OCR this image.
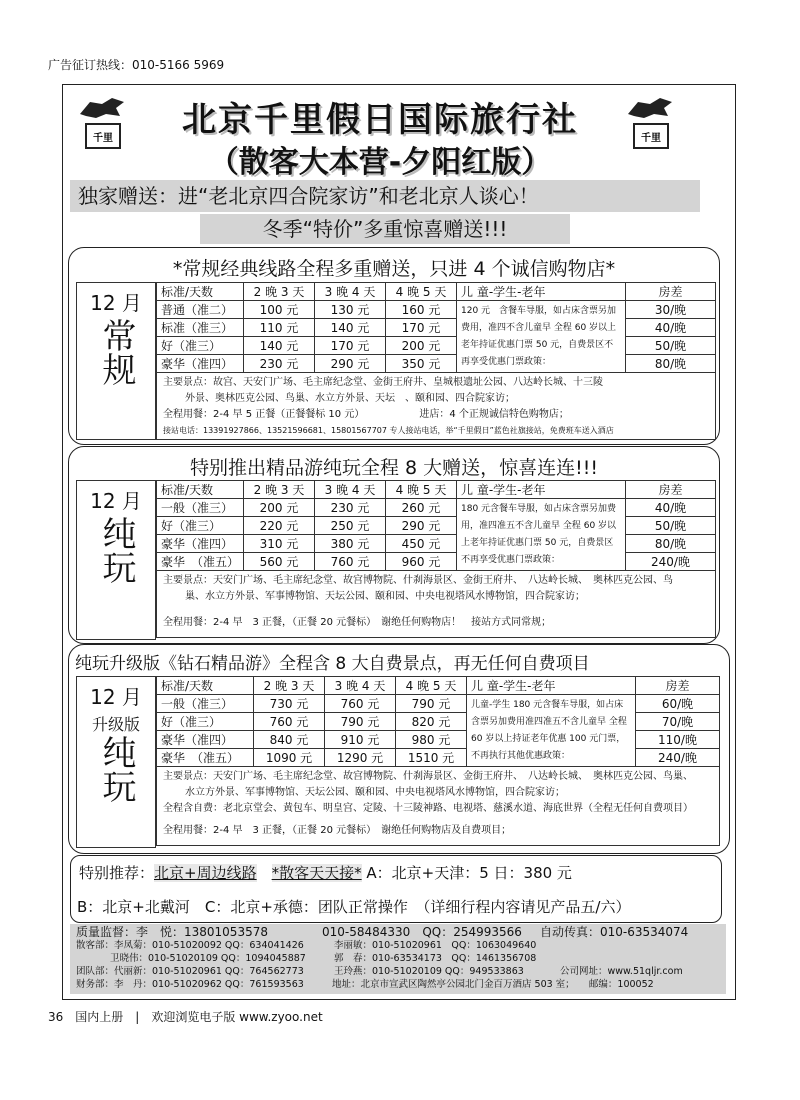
广告征订热线：010-5166 5969
千里	千里
北京千里假日国际旅行社
（散客大本营-夕阳红版）
独家赠送：进“老北京四合院家访”和老北京人谈心！
冬季“特价”多重惊喜赠送!!!
*常规经典线路全程多重赠送，只进 4 个诚信购物店*
12 月
常规
标准/天数	2 晚 3 天	3 晚 4 天	4 晚 5 天	儿 童-学生-老年	房差
普通（准二）	100 元	130 元	160 元	120 元　含餐车导服，如占床含票另加费用，准四不含儿童早 全程 60 岁以上老年持证优惠门票 50 元，自费景区不再享受优惠门票政策：	30/晚
标准（准三）	110 元	140 元	170 元		40/晚
好（准三）	140 元	170 元	200 元		50/晚
豪华（准四）	230 元	290 元	350 元		80/晚
主要景点：故宫、天安门广场、毛主席纪念堂、金街王府井、皇城根遗址公园、八达岭长城、十三陵
外景、奥林匹克公园、鸟巢、水立方外景、天坛　、颐和园、四合院家访；
全程用餐：2-4 早 5 正餐（正餐餐标 10 元）　　　　　　	进店：4 个正规诚信特色购物店；
接站电话：13391927866、13521596681、15801567707 专人接站电话，举“千里假日”蓝色社旗接站，免费班车送入酒店
特别推出精品游纯玩全程 8 大赠送，惊喜连连!!!
12 月
纯玩
标准/天数	2 晚 3 天	3 晚 4 天	4 晚 5 天	儿 童-学生-老年	房差
一般（准三）	200 元	230 元	260 元	180 元含餐车导服，如占床含票另加费用，准四准五不含儿童早 全程 60 岁以上老年持证优惠门票 50 元，自费景区不再享受优惠门票政策：	40/晚
好（准三）	220 元	250 元	290 元		50/晚
豪华（准四）	310 元	380 元	450 元		80/晚
豪华　（准五）	560 元	760 元	960 元		240/晚
主要景点：天安门广场、毛主席纪念堂、故宫博物院、什刹海景区、金街王府井、　八达岭长城、　奥林匹克公园、鸟
巢、水立方外景、军事博物馆、天坛公园、颐和园、中央电视塔风水博物馆，四合院家访；
全程用餐：2-4 早　3 正餐，（正餐 20 元餐标）　谢绝任何购物店！　接站方式同常规；
纯玩升级版《钻石精品游》全程含 8 大自费景点，再无任何自费项目
12 月
升级版
纯玩
标准/天数	2 晚 3 天	3 晚 4 天	4 晚 5 天	儿 童-学生-老年	房差
一般（准三）	730 元	760 元	790 元	儿童-学生 180 元含餐车导服，如占床含票另加费用准四准五不含儿童早 全程 60 岁以上持证老年优惠 100 元门票，不再执行其他优惠政策：	60/晚
好（准三）	760 元	790 元	820 元		70/晚
豪华（准四）	840 元	910 元	980 元		110/晚
豪华　（准五）	1090 元	1290 元	1510 元		240/晚
主要景点：天安门广场、毛主席纪念堂、故宫博物院、什刹海景区、金街王府井、　八达岭长城、　奥林匹克公园、鸟巢、
水立方外景、军事博物馆、天坛公园、颐和园、中央电视塔风水博物馆，四合院家访；
全程含自费：老北京堂会、黄包车、明皇宫、定陵、十三陵神路、电视塔、慈溪水道、海底世界（全程无任何自费项目）
全程用餐：2-4 早　3 正餐，（正餐 20 元餐标）　谢绝任何购物店及自费项目；
特别推荐：北京+周边线路　 *散客天天接* A：北京+天津：5 日：380 元
B：北京+北戴河　C：北京+承德：团队正常操作　（详细行程内容请见产品五/六）
质量监督：李　悦：13801053578	010-58484330　QQ：254993566 自动传真：010-63534074
散客部：李凤菊：010-51020092 QQ：634041426	李丽敏：010-51020961　QQ：1063049640
卫晓伟：010-51020109 QQ：1094045887	郭　春：010-63534173　QQ：1461356708
团队部：代丽新：010-51020961 QQ：764562773	王玲燕：010-51020109 QQ：949533863	公司网址：www.51qljr.com
财务部：李　丹：010-51020962 QQ：761593563	地址：北京市宣武区陶然亭公园北门金百万酒店 503 室；　　邮编：100052
36　国内上册　|　欢迎浏览电子版 www.zyoo.net
